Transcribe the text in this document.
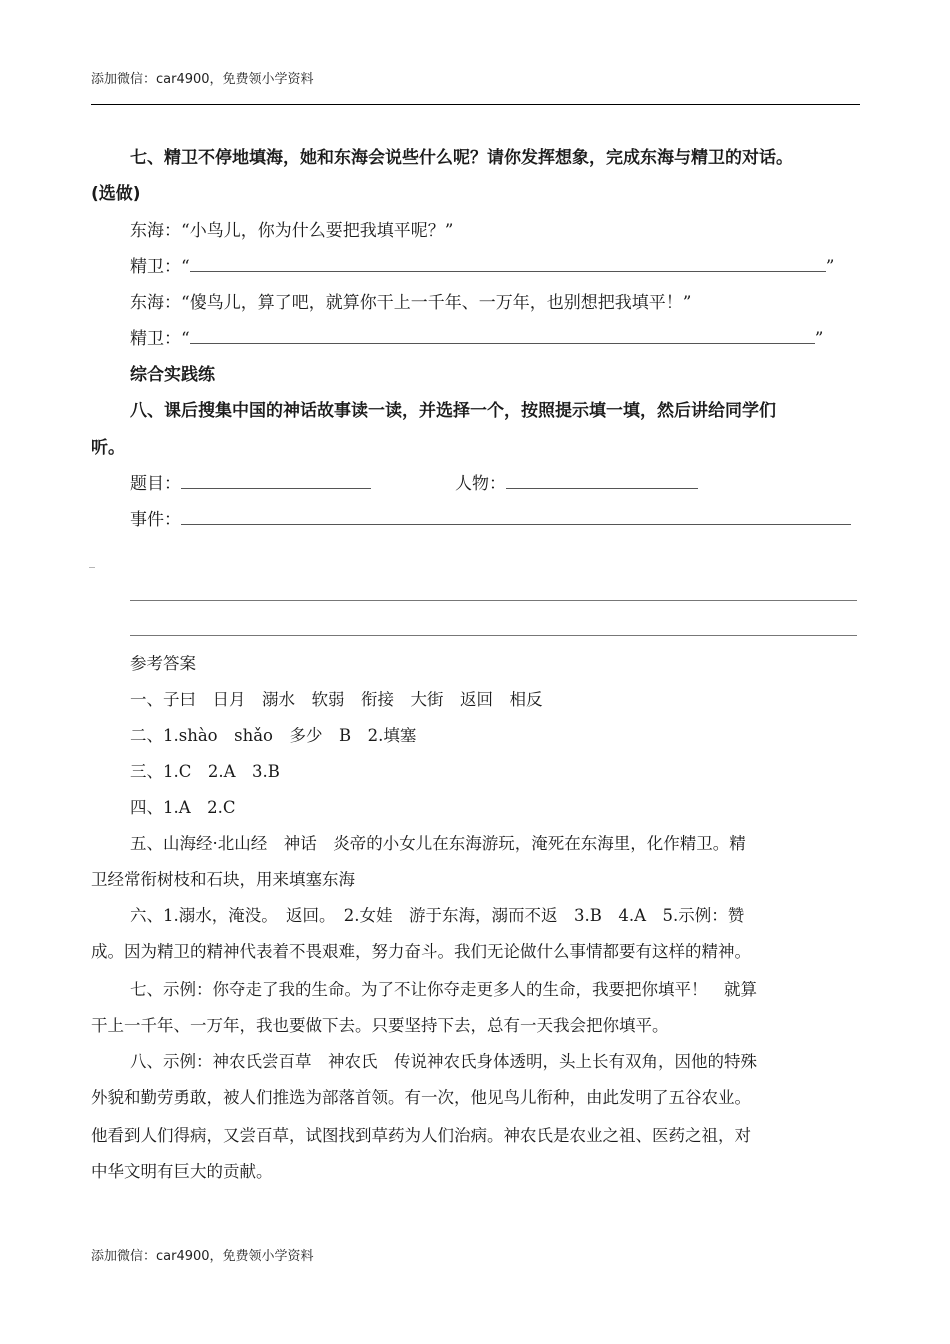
添加微信：car4900，免费领小学资料
七、精卫不停地填海，她和东海会说些什么呢？请你发挥想象，完成东海与精卫的对话。
(选做)
东海：“小鸟儿，你为什么要把我填平呢？”
精卫：“	”
东海：“傻鸟儿，算了吧，就算你干上一千年、一万年，也别想把我填平！”
精卫：“	”
综合实践练
八、课后搜集中国的神话故事读一读，并选择一个，按照提示填一填，然后讲给同学们
听。
题目：	人物：
事件：
_
参考答案
一、子曰　日月　溺水　软弱　衔接　大街　返回　相反
二、1.shào　shǎo　多少　B　2.填塞
三、1.C　2.A　3.B
四、1.A　2.C
五、山海经·北山经　神话　炎帝的小女儿在东海游玩，淹死在东海里，化作精卫。精
卫经常衔树枝和石块，用来填塞东海
六、1.溺水，淹没。　返回。　2.女娃　游于东海，溺而不返　3.B　4.A　5.示例：赞
成。因为精卫的精神代表着不畏艰难，努力奋斗。我们无论做什么事情都要有这样的精神。
七、示例：你夺走了我的生命。为了不让你夺走更多人的生命，我要把你填平！　就算
干上一千年、一万年，我也要做下去。只要坚持下去，总有一天我会把你填平。
八、示例：神农氏尝百草　神农氏　传说神农氏身体透明，头上长有双角，因他的特殊
外貌和勤劳勇敢，被人们推选为部落首领。有一次，他见鸟儿衔种，由此发明了五谷农业。
他看到人们得病，又尝百草，试图找到草药为人们治病。神农氏是农业之祖、医药之祖，对
中华文明有巨大的贡献。
添加微信：car4900，免费领小学资料
